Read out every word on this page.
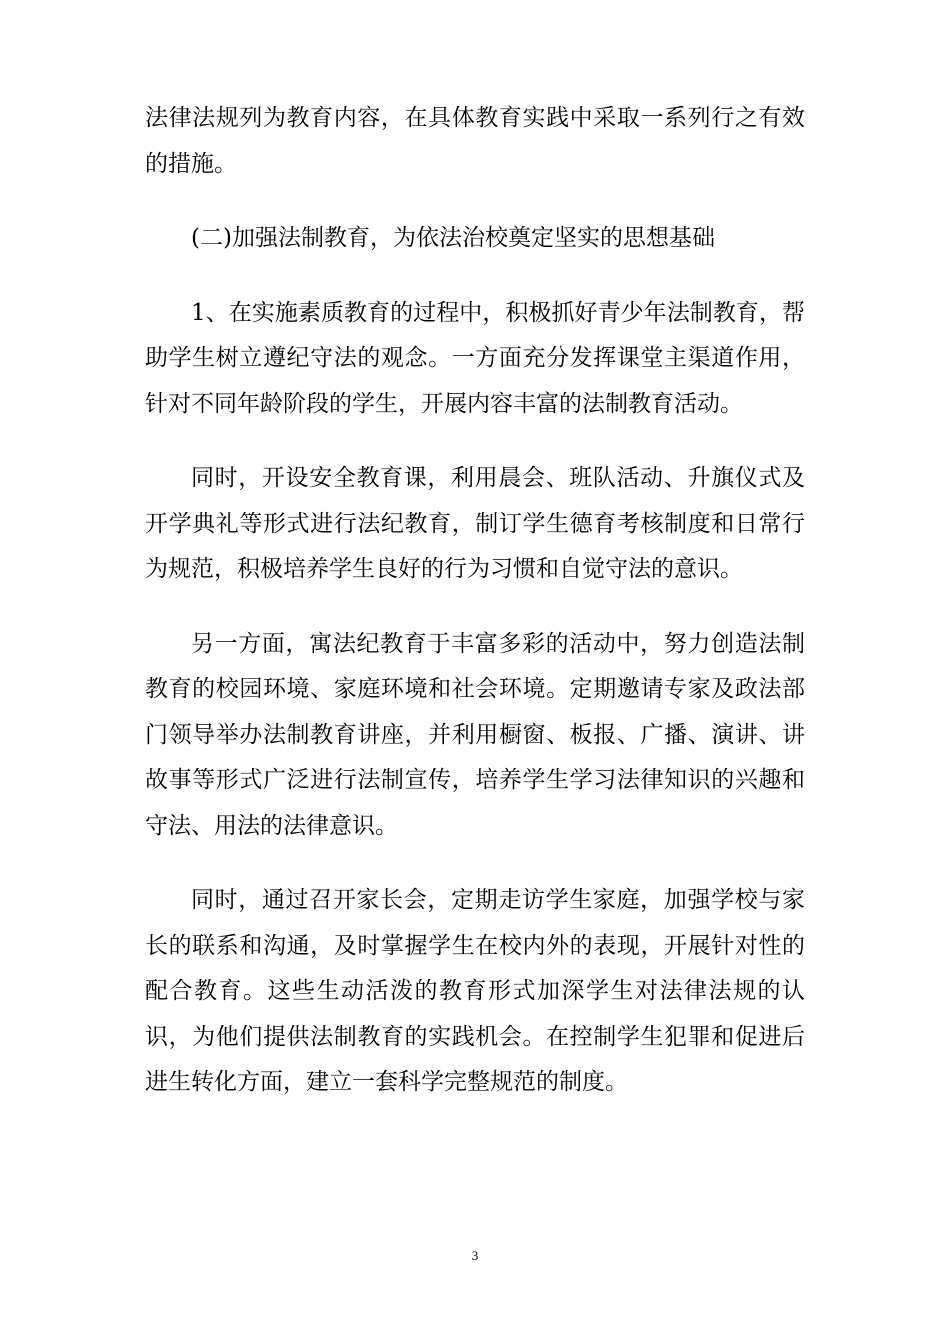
法律法规列为教育内容，在具体教育实践中采取一系列行之有效的措施。

(二)加强法制教育，为依法治校奠定坚实的思想基础

1、在实施素质教育的过程中，积极抓好青少年法制教育，帮助学生树立遵纪守法的观念。一方面充分发挥课堂主渠道作用，针对不同年龄阶段的学生，开展内容丰富的法制教育活动。

同时，开设安全教育课，利用晨会、班队活动、升旗仪式及开学典礼等形式进行法纪教育，制订学生德育考核制度和日常行为规范，积极培养学生良好的行为习惯和自觉守法的意识。

另一方面，寓法纪教育于丰富多彩的活动中，努力创造法制教育的校园环境、家庭环境和社会环境。定期邀请专家及政法部门领导举办法制教育讲座，并利用橱窗、板报、广播、演讲、讲故事等形式广泛进行法制宣传，培养学生学习法律知识的兴趣和守法、用法的法律意识。

同时，通过召开家长会，定期走访学生家庭，加强学校与家长的联系和沟通，及时掌握学生在校内外的表现，开展针对性的配合教育。这些生动活泼的教育形式加深学生对法律法规的认识，为他们提供法制教育的实践机会。在控制学生犯罪和促进后进生转化方面，建立一套科学完整规范的制度。

3
